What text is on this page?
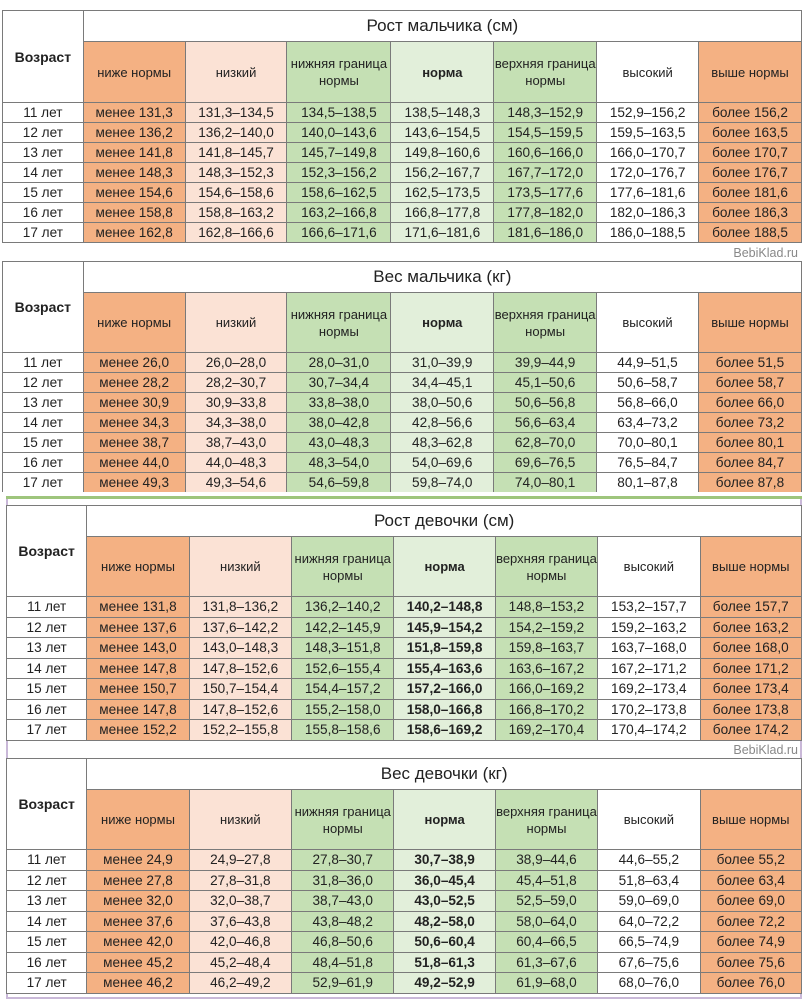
Возраст	Рост мальчика (см)						
	ниже нормы	низкий	нижняя граница нормы	норма	верхняя граница нормы	высокий	выше нормы
11 лет	менее 131,3	131,3–134,5	134,5–138,5	138,5–148,3	148,3–152,9	152,9–156,2	более 156,2
12 лет	менее 136,2	136,2–140,0	140,0–143,6	143,6–154,5	154,5–159,5	159,5–163,5	более 163,5
13 лет	менее 141,8	141,8–145,7	145,7–149,8	149,8–160,6	160,6–166,0	166,0–170,7	более 170,7
14 лет	менее 148,3	148,3–152,3	152,3–156,2	156,2–167,7	167,7–172,0	172,0–176,7	более 176,7
15 лет	менее 154,6	154,6–158,6	158,6–162,5	162,5–173,5	173,5–177,6	177,6–181,6	более 181,6
16 лет	менее 158,8	158,8–163,2	163,2–166,8	166,8–177,8	177,8–182,0	182,0–186,3	более 186,3
17 лет	менее 162,8	162,8–166,6	166,6–171,6	171,6–181,6	181,6–186,0	186,0–188,5	более 188,5
BebiKlad.ru
Возраст	Вес мальчика (кг)						
	ниже нормы	низкий	нижняя граница нормы	норма	верхняя граница нормы	высокий	выше нормы
11 лет	менее 26,0	26,0–28,0	28,0–31,0	31,0–39,9	39,9–44,9	44,9–51,5	более 51,5
12 лет	менее 28,2	28,2–30,7	30,7–34,4	34,4–45,1	45,1–50,6	50,6–58,7	более 58,7
13 лет	менее 30,9	30,9–33,8	33,8–38,0	38,0–50,6	50,6–56,8	56,8–66,0	более 66,0
14 лет	менее 34,3	34,3–38,0	38,0–42,8	42,8–56,6	56,6–63,4	63,4–73,2	более 73,2
15 лет	менее 38,7	38,7–43,0	43,0–48,3	48,3–62,8	62,8–70,0	70,0–80,1	более 80,1
16 лет	менее 44,0	44,0–48,3	48,3–54,0	54,0–69,6	69,6–76,5	76,5–84,7	более 84,7
17 лет	менее 49,3	49,3–54,6	54,6–59,8	59,8–74,0	74,0–80,1	80,1–87,8	более 87,8
Возраст	Рост девочки (см)						
	ниже нормы	низкий	нижняя граница нормы	норма	верхняя граница нормы	высокий	выше нормы
11 лет	менее 131,8	131,8–136,2	136,2–140,2	140,2–148,8	148,8–153,2	153,2–157,7	более 157,7
12 лет	менее 137,6	137,6–142,2	142,2–145,9	145,9–154,2	154,2–159,2	159,2–163,2	более 163,2
13 лет	менее 143,0	143,0–148,3	148,3–151,8	151,8–159,8	159,8–163,7	163,7–168,0	более 168,0
14 лет	менее 147,8	147,8–152,6	152,6–155,4	155,4–163,6	163,6–167,2	167,2–171,2	более 171,2
15 лет	менее 150,7	150,7–154,4	154,4–157,2	157,2–166,0	166,0–169,2	169,2–173,4	более 173,4
16 лет	менее 147,8	147,8–152,6	155,2–158,0	158,0–166,8	166,8–170,2	170,2–173,8	более 173,8
17 лет	менее 152,2	152,2–155,8	155,8–158,6	158,6–169,2	169,2–170,4	170,4–174,2	более 174,2
BebiKlad.ru
Возраст	Вес девочки (кг)						
	ниже нормы	низкий	нижняя граница нормы	норма	верхняя граница нормы	высокий	выше нормы
11 лет	менее 24,9	24,9–27,8	27,8–30,7	30,7–38,9	38,9–44,6	44,6–55,2	более 55,2
12 лет	менее 27,8	27,8–31,8	31,8–36,0	36,0–45,4	45,4–51,8	51,8–63,4	более 63,4
13 лет	менее 32,0	32,0–38,7	38,7–43,0	43,0–52,5	52,5–59,0	59,0–69,0	более 69,0
14 лет	менее 37,6	37,6–43,8	43,8–48,2	48,2–58,0	58,0–64,0	64,0–72,2	более 72,2
15 лет	менее 42,0	42,0–46,8	46,8–50,6	50,6–60,4	60,4–66,5	66,5–74,9	более 74,9
16 лет	менее 45,2	45,2–48,4	48,4–51,8	51,8–61,3	61,3–67,6	67,6–75,6	более 75,6
17 лет	менее 46,2	46,2–49,2	52,9–61,9	49,2–52,9	61,9–68,0	68,0–76,0	более 76,0
